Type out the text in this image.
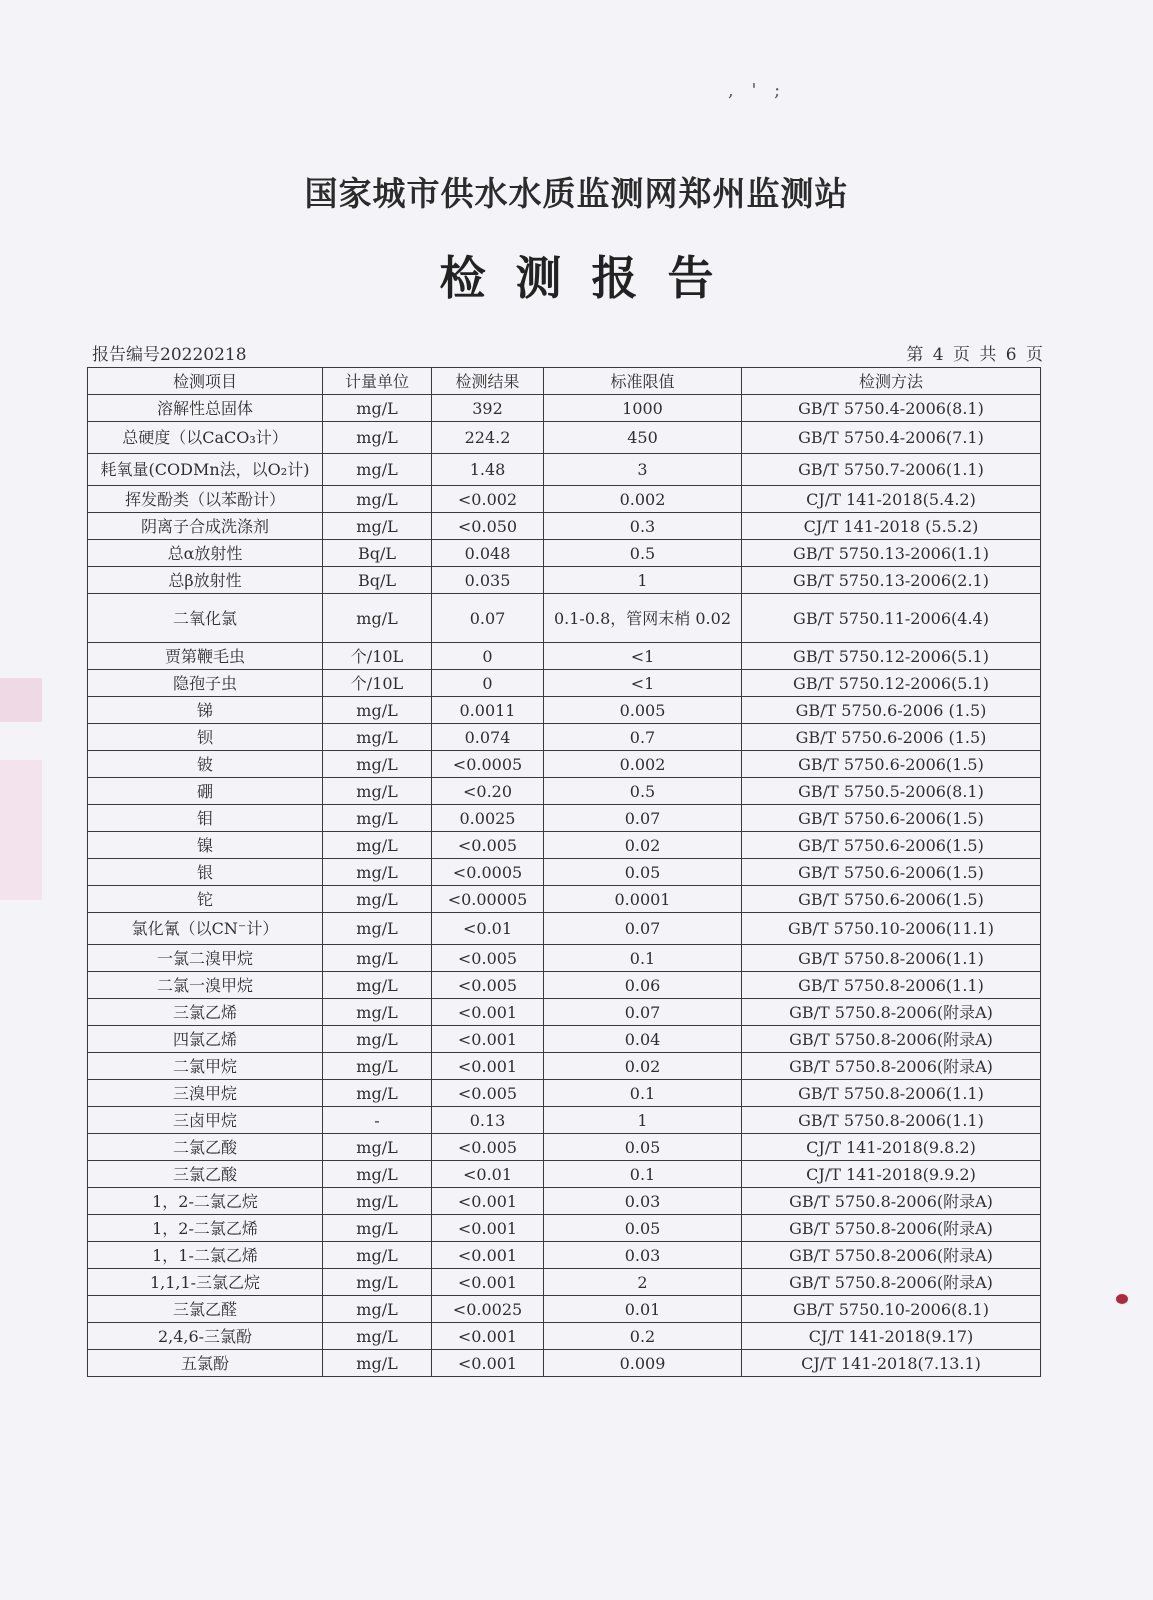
, ' ;
国家城市供水水质监测网郑州监测站
检测报告
报告编号20220218	第 4 页 共 6 页
检测项目	计量单位	检测结果	标准限值	检测方法
溶解性总固体	mg/L	392	1000	GB/T 5750.4-2006(8.1)
总硬度（以CaCO₃计）	mg/L	224.2	450	GB/T 5750.4-2006(7.1)
耗氧量(CODMn法，以O₂计)	mg/L	1.48	3	GB/T 5750.7-2006(1.1)
挥发酚类（以苯酚计）	mg/L	<0.002	0.002	CJ/T 141-2018(5.4.2)
阴离子合成洗涤剂	mg/L	<0.050	0.3	CJ/T 141-2018 (5.5.2)
总α放射性	Bq/L	0.048	0.5	GB/T 5750.13-2006(1.1)
总β放射性	Bq/L	0.035	1	GB/T 5750.13-2006(2.1)
二氧化氯	mg/L	0.07	0.1-0.8，管网末梢 0.02	GB/T 5750.11-2006(4.4)
贾第鞭毛虫	个/10L	0	<1	GB/T 5750.12-2006(5.1)
隐孢子虫	个/10L	0	<1	GB/T 5750.12-2006(5.1)
锑	mg/L	0.0011	0.005	GB/T 5750.6-2006 (1.5)
钡	mg/L	0.074	0.7	GB/T 5750.6-2006 (1.5)
铍	mg/L	<0.0005	0.002	GB/T 5750.6-2006(1.5)
硼	mg/L	<0.20	0.5	GB/T 5750.5-2006(8.1)
钼	mg/L	0.0025	0.07	GB/T 5750.6-2006(1.5)
镍	mg/L	<0.005	0.02	GB/T 5750.6-2006(1.5)
银	mg/L	<0.0005	0.05	GB/T 5750.6-2006(1.5)
铊	mg/L	<0.00005	0.0001	GB/T 5750.6-2006(1.5)
氯化氰（以CN⁻计）	mg/L	<0.01	0.07	GB/T 5750.10-2006(11.1)
一氯二溴甲烷	mg/L	<0.005	0.1	GB/T 5750.8-2006(1.1)
二氯一溴甲烷	mg/L	<0.005	0.06	GB/T 5750.8-2006(1.1)
三氯乙烯	mg/L	<0.001	0.07	GB/T 5750.8-2006(附录A)
四氯乙烯	mg/L	<0.001	0.04	GB/T 5750.8-2006(附录A)
二氯甲烷	mg/L	<0.001	0.02	GB/T 5750.8-2006(附录A)
三溴甲烷	mg/L	<0.005	0.1	GB/T 5750.8-2006(1.1)
三卤甲烷	-	0.13	1	GB/T 5750.8-2006(1.1)
二氯乙酸	mg/L	<0.005	0.05	CJ/T 141-2018(9.8.2)
三氯乙酸	mg/L	<0.01	0.1	CJ/T 141-2018(9.9.2)
1，2-二氯乙烷	mg/L	<0.001	0.03	GB/T 5750.8-2006(附录A)
1，2-二氯乙烯	mg/L	<0.001	0.05	GB/T 5750.8-2006(附录A)
1，1-二氯乙烯	mg/L	<0.001	0.03	GB/T 5750.8-2006(附录A)
1,1,1-三氯乙烷	mg/L	<0.001	2	GB/T 5750.8-2006(附录A)
三氯乙醛	mg/L	<0.0025	0.01	GB/T 5750.10-2006(8.1)
2,4,6-三氯酚	mg/L	<0.001	0.2	CJ/T 141-2018(9.17)
五氯酚	mg/L	<0.001	0.009	CJ/T 141-2018(7.13.1)
